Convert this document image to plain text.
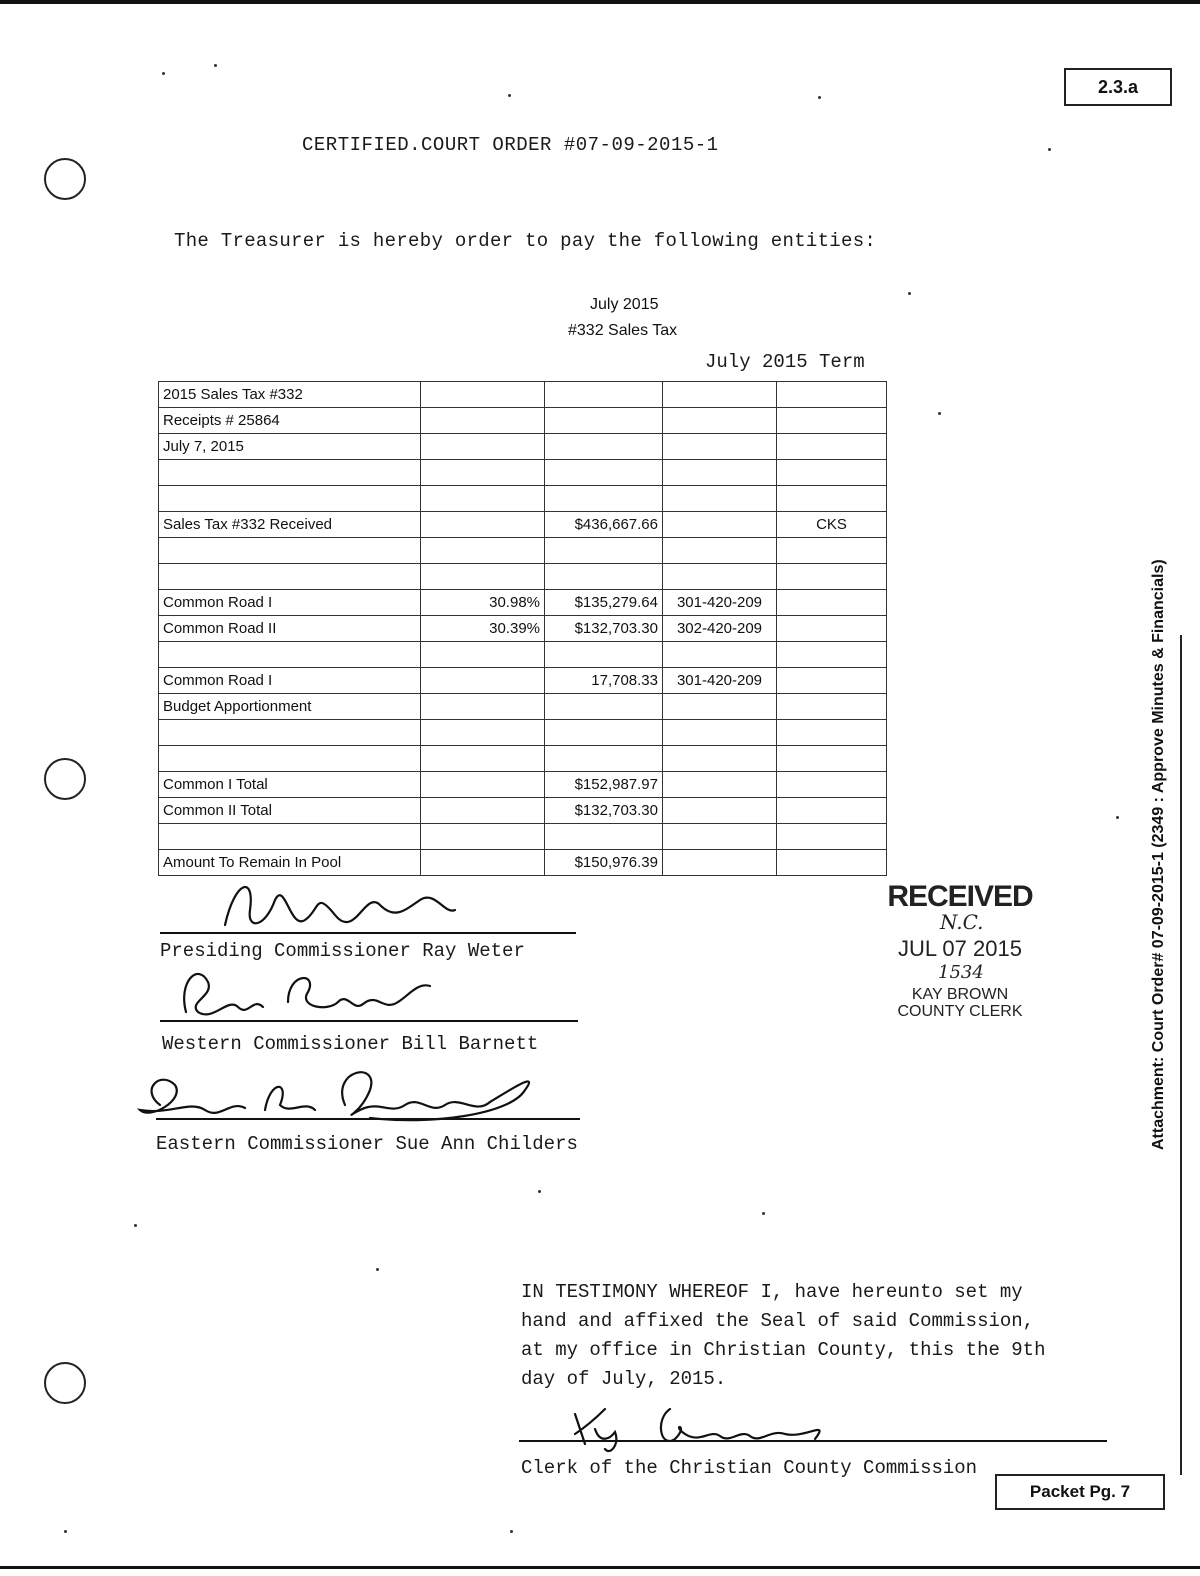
2.3.a
CERTIFIED.COURT ORDER #07-09-2015-1
The Treasurer is hereby order to pay the following entities:
July 2015
#332 Sales Tax
July 2015 Term
2015 Sales Tax #332				
Receipts # 25864				
July 7, 2015				

Sales Tax #332 Received		$436,667.66		CKS

Common Road I	30.98%	$135,279.64	301-420-209	
Common Road II	30.39%	$132,703.30	302-420-209	

Common Road I		17,708.33	301-420-209	
Budget Apportionment				

Common I Total		$152,987.97		
Common II Total		$132,703.30		

Amount To Remain In Pool		$150,976.39		
Presiding Commissioner Ray Weter
Western Commissioner Bill Barnett
Eastern Commissioner Sue Ann Childers
RECEIVED
N.C.
JUL 07 2015
1534
KAY BROWN
COUNTY CLERK	Attachment: Court Order# 07-09-2015-1 (2349 : Approve Minutes & Financials)
IN TESTIMONY WHEREOF I, have hereunto set my
hand and affixed the Seal of said Commission,
at my office in Christian County, this the 9th
day of July, 2015.
Clerk of the Christian County Commission
Packet Pg. 7
